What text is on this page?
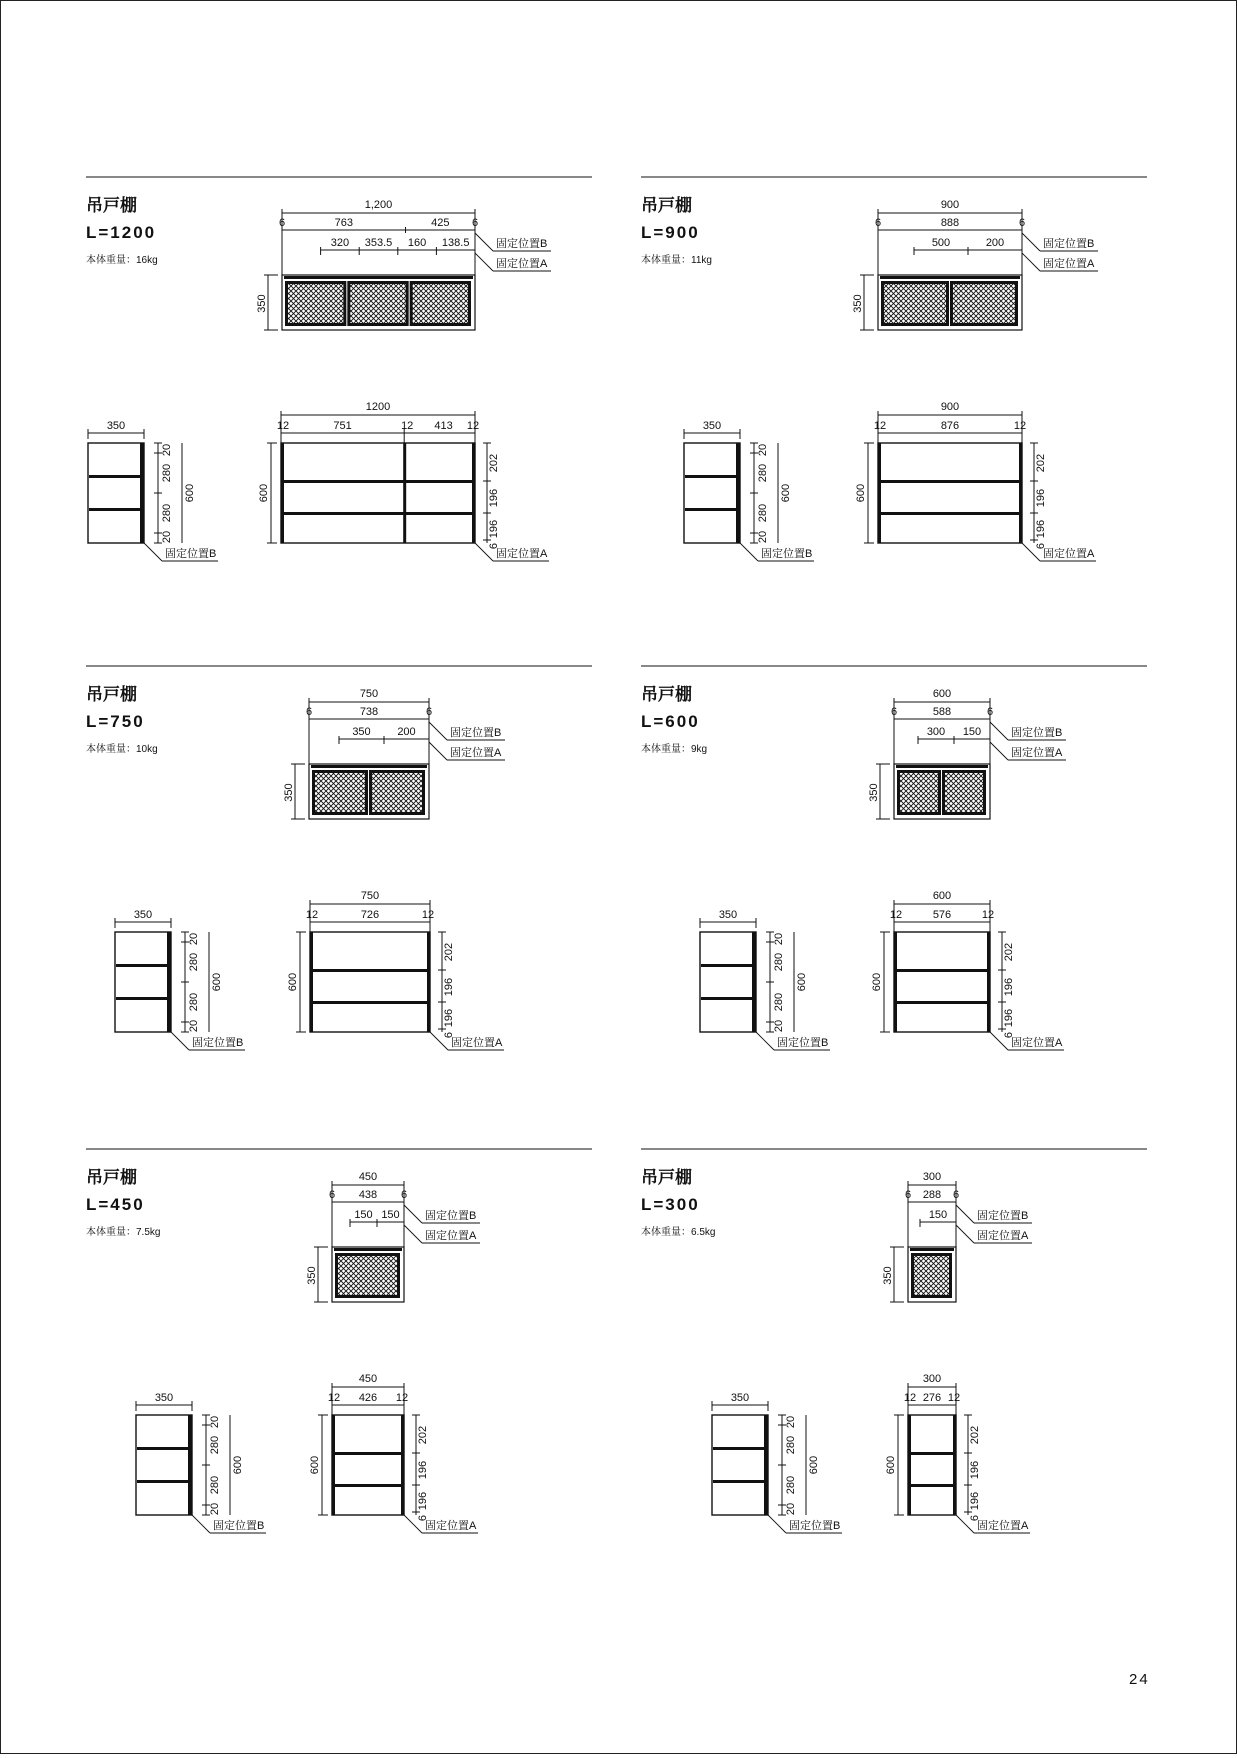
吊戸棚
L=1200
本体重量：16kg
1,200
6	6
763	425
320 353.5 160 138.5
350
固定位置B
固定位置A
350
20
280
280
20
600
固定位置B
1200
12	12
12
751	413
600
202
196
196
6
固定位置A
吊戸棚
L=900
本体重量：11kg
900
6	6
888
500	200
350
固定位置B
固定位置A
350
20
280
280
20
600
固定位置B
900
12	12
876
600
202
196
196
6
固定位置A
吊戸棚
L=750
本体重量：10kg
750
6	6
738
350 200
350
固定位置B
固定位置A
350
20
280
280
20
600
固定位置B
750
12	12
726
600
202
196
196
6
固定位置A
吊戸棚
L=600
本体重量：9kg
600
6	6
588
300 150
350
固定位置B
固定位置A
350
20
280
280
20
600
固定位置B
600
12	12
576
600
202
196
196
6
固定位置A
吊戸棚
L=450
本体重量：7.5kg
450
6	6
438
150 150
350
固定位置B
固定位置A
350
20
280
280
20
600
固定位置B
450
12	12
426
600
202
196
196
6
固定位置A
吊戸棚
L=300
本体重量：6.5kg
300
6	6
288
150
350
固定位置B
固定位置A
350
20
280
280
20
600
固定位置B
300
12	12
276
600
202
196
196
6
固定位置A
24
